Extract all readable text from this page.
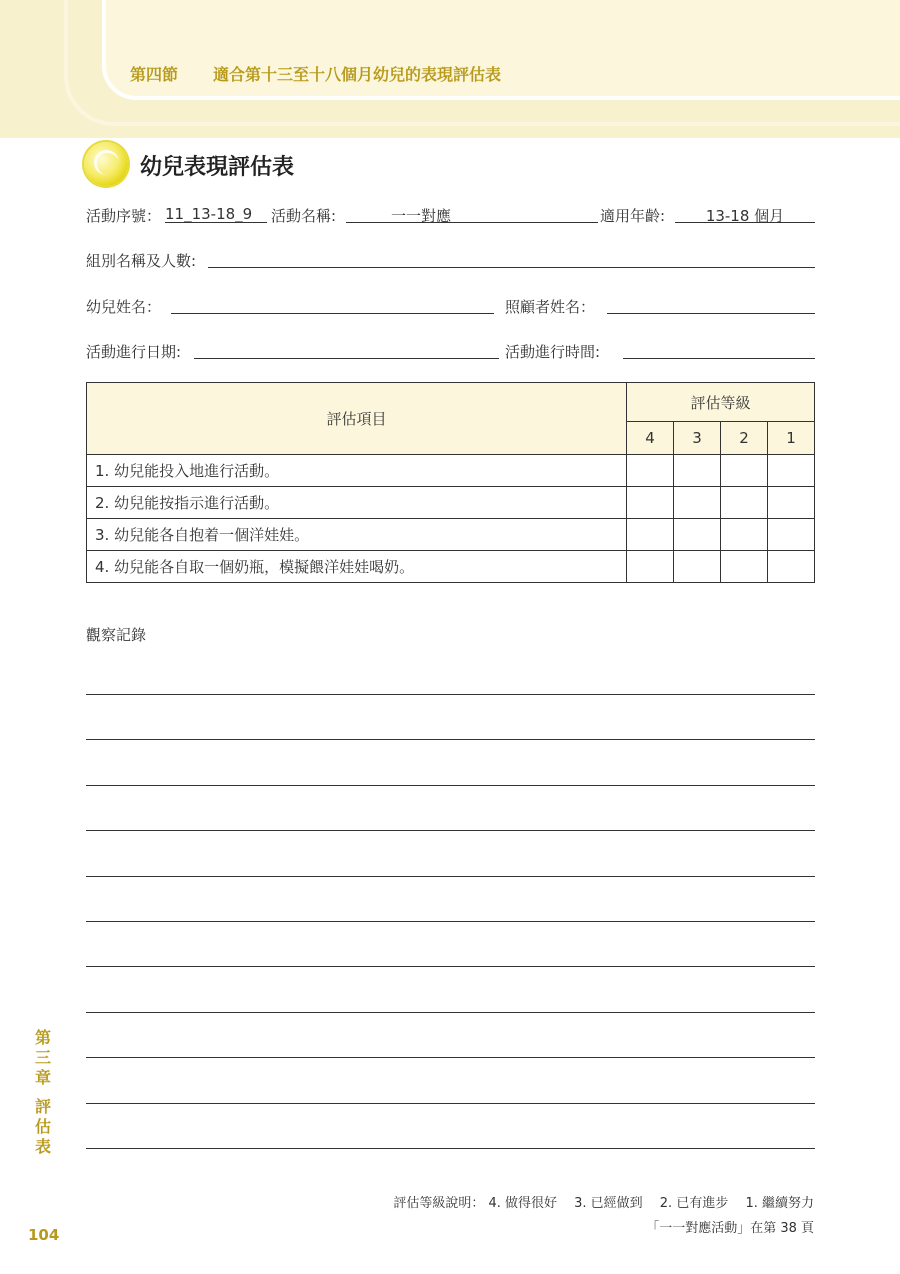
第四節 適合第十三至十八個月幼兒的表現評估表
幼兒表現評估表
活動序號： 11_13-18_9	活動名稱:	一一對應	適用年齡:	13-18 個月
組別名稱及人數:
幼兒姓名：	照顧者姓名：
活動進行日期:	活動進行時間:
評估項目	評估等級			
	4	3	2	1
1. 幼兒能投入地進行活動。				
2. 幼兒能按指示進行活動。				
3. 幼兒能各自抱着一個洋娃娃。				
4. 幼兒能各自取一個奶瓶，模擬餵洋娃娃喝奶。				
觀察記錄
第三章
評估表
104
評估等級說明： 4. 做得很好　 3. 已經做到　 2. 已有進步　 1. 繼續努力
「一一對應活動」在第 38 頁
